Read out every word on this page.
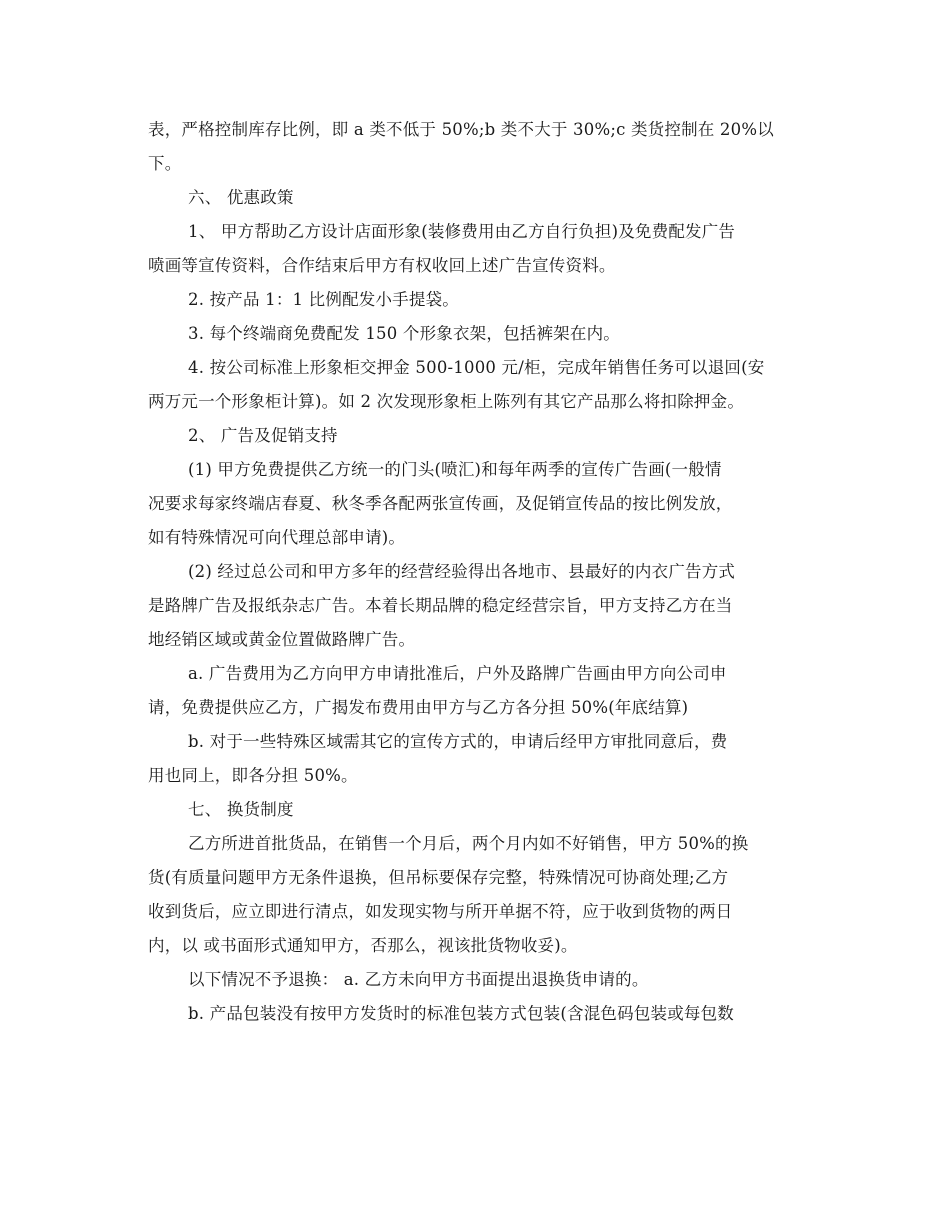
表，严格控制库存比例，即 a 类不低于 50%;b 类不大于 30%;c 类货控制在 20%以
下。
六、 优惠政策
1、 甲方帮助乙方设计店面形象(装修费用由乙方自行负担)及免费配发广告
喷画等宣传资料，合作结束后甲方有权收回上述广告宣传资料。
2. 按产品 1：1 比例配发小手提袋。
3. 每个终端商免费配发 150 个形象衣架，包括裤架在内。
4. 按公司标准上形象柜交押金 500-1000 元/柜，完成年销售任务可以退回(安
两万元一个形象柜计算)。如 2 次发现形象柜上陈列有其它产品那么将扣除押金。
2、 广告及促销支持
(1) 甲方免费提供乙方统一的门头(喷汇)和每年两季的宣传广告画(一般情
况要求每家终端店春夏、秋冬季各配两张宣传画，及促销宣传品的按比例发放，
如有特殊情况可向代理总部申请)。
(2) 经过总公司和甲方多年的经营经验得出各地市、县最好的内衣广告方式
是路牌广告及报纸杂志广告。本着长期品牌的稳定经营宗旨，甲方支持乙方在当
地经销区域或黄金位置做路牌广告。
a. 广告费用为乙方向甲方申请批准后，户外及路牌广告画由甲方向公司申
请，免费提供应乙方，广揭发布费用由甲方与乙方各分担 50%(年底结算)
b. 对于一些特殊区域需其它的宣传方式的，申请后经甲方审批同意后，费
用也同上，即各分担 50%。
七、 换货制度
乙方所进首批货品，在销售一个月后，两个月内如不好销售，甲方 50%的换
货(有质量问题甲方无条件退换，但吊标要保存完整，特殊情况可协商处理;乙方
收到货后，应立即进行清点，如发现实物与所开单据不符，应于收到货物的两日
内，以 或书面形式通知甲方，否那么，视该批货物收妥)。
以下情况不予退换： a. 乙方未向甲方书面提出退换货申请的。
b. 产品包装没有按甲方发货时的标准包装方式包装(含混色码包装或每包数
